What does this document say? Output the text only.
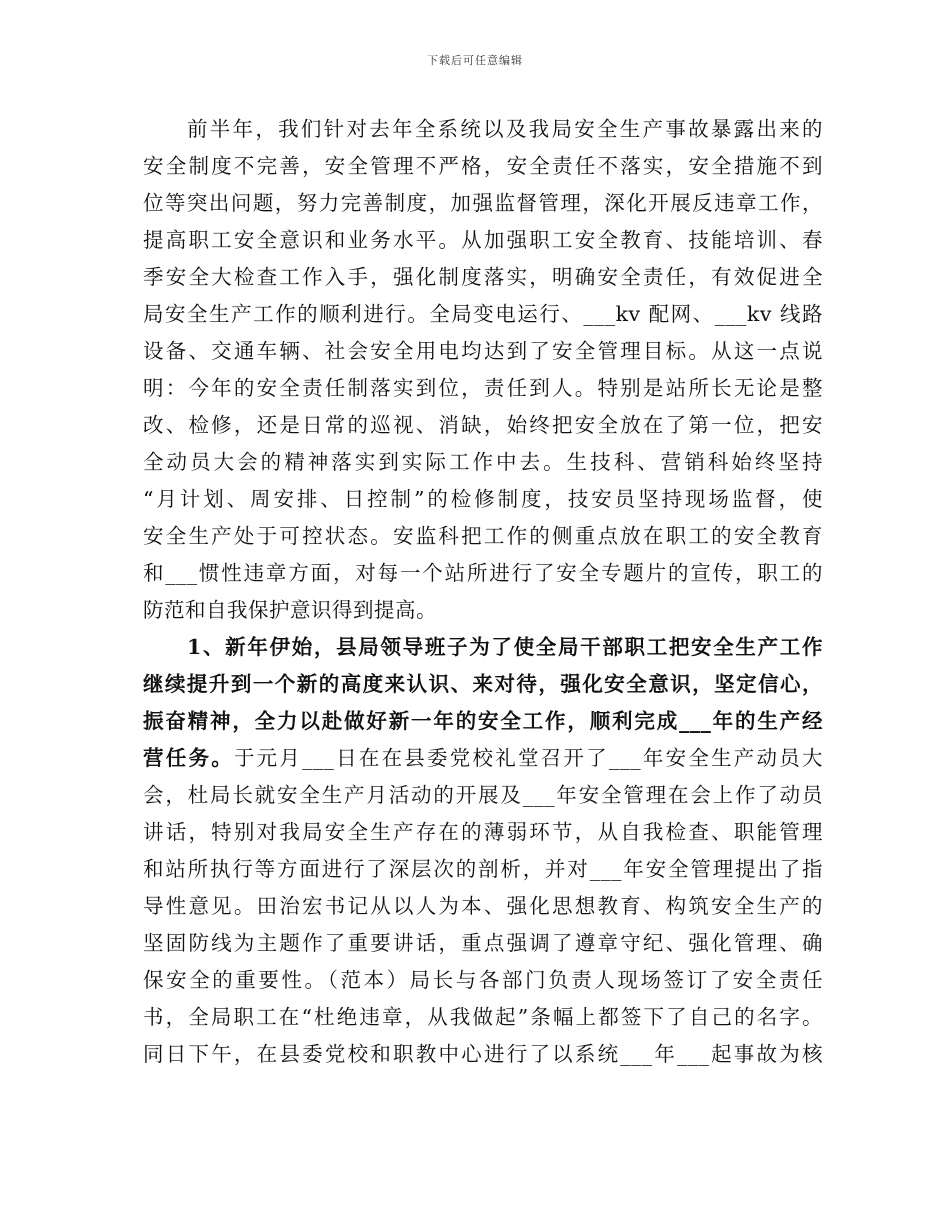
下载后可任意编辑
前半年，我们针对去年全系统以及我局安全生产事故暴露出来的
安全制度不完善，安全管理不严格，安全责任不落实，安全措施不到
位等突出问题，努力完善制度，加强监督管理，深化开展反违章工作，
提高职工安全意识和业务水平。从加强职工安全教育、技能培训、春
季安全大检查工作入手，强化制度落实，明确安全责任，有效促进全
局安全生产工作的顺利进行。全局变电运行、___kv 配网、___kv 线路
设备、交通车辆、社会安全用电均达到了安全管理目标。从这一点说
明：今年的安全责任制落实到位，责任到人。特别是站所长无论是整
改、检修，还是日常的巡视、消缺，始终把安全放在了第一位，把安
全动员大会的精神落实到实际工作中去。生技科、营销科始终坚持
“月计划、周安排、日控制”的检修制度，技安员坚持现场监督，使
安全生产处于可控状态。安监科把工作的侧重点放在职工的安全教育
和___惯性违章方面，对每一个站所进行了安全专题片的宣传，职工的
防范和自我保护意识得到提高。
1、新年伊始，县局领导班子为了使全局干部职工把安全生产工作
继续提升到一个新的高度来认识、来对待，强化安全意识，坚定信心，
振奋精神，全力以赴做好新一年的安全工作，顺利完成___年的生产经
营任务。于元月___日在在县委党校礼堂召开了___年安全生产动员大
会，杜局长就安全生产月活动的开展及___年安全管理在会上作了动员
讲话，特别对我局安全生产存在的薄弱环节，从自我检查、职能管理
和站所执行等方面进行了深层次的剖析，并对___年安全管理提出了指
导性意见。田治宏书记从以人为本、强化思想教育、构筑安全生产的
坚固防线为主题作了重要讲话，重点强调了遵章守纪、强化管理、确
保安全的重要性。（范本）局长与各部门负责人现场签订了安全责任
书，全局职工在“杜绝违章，从我做起”条幅上都签下了自己的名字。
同日下午，在县委党校和职教中心进行了以系统___年___起事故为核
